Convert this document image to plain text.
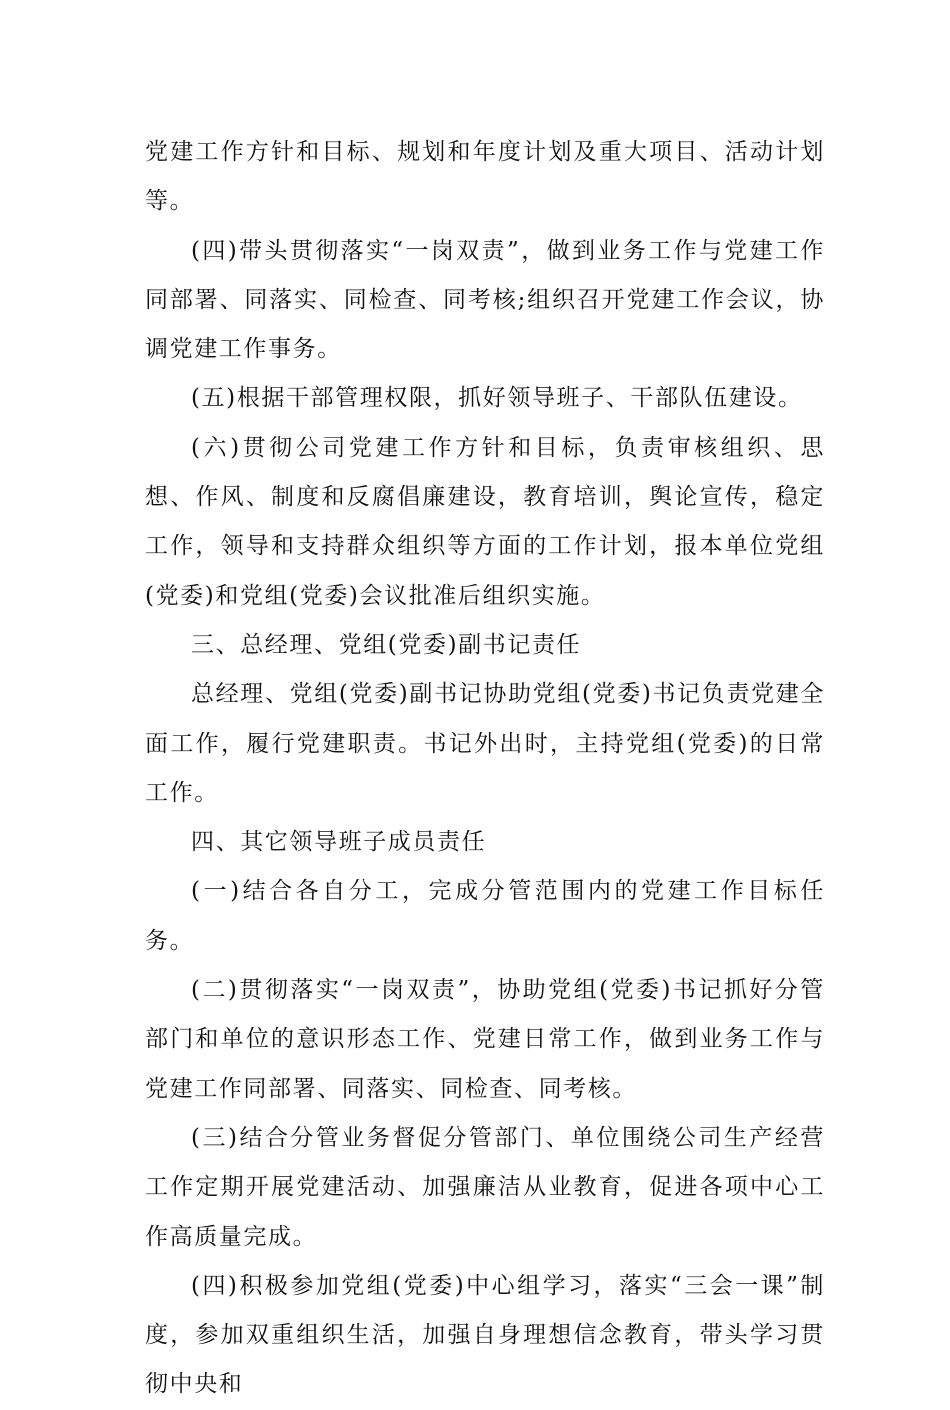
党建工作方针和目标、规划和年度计划及重大项目、活动计划等。

(四)带头贯彻落实“一岗双责”，做到业务工作与党建工作同部署、同落实、同检查、同考核;组织召开党建工作会议，协调党建工作事务。

(五)根据干部管理权限，抓好领导班子、干部队伍建设。

(六)贯彻公司党建工作方针和目标，负责审核组织、思想、作风、制度和反腐倡廉建设，教育培训，舆论宣传，稳定工作，领导和支持群众组织等方面的工作计划，报本单位党组(党委)和党组(党委)会议批准后组织实施。

三、总经理、党组(党委)副书记责任

总经理、党组(党委)副书记协助党组(党委)书记负责党建全面工作，履行党建职责。书记外出时，主持党组(党委)的日常工作。

四、其它领导班子成员责任

(一)结合各自分工，完成分管范围内的党建工作目标任务。

(二)贯彻落实“一岗双责”，协助党组(党委)书记抓好分管部门和单位的意识形态工作、党建日常工作，做到业务工作与党建工作同部署、同落实、同检查、同考核。

(三)结合分管业务督促分管部门、单位围绕公司生产经营工作定期开展党建活动、加强廉洁从业教育，促进各项中心工作高质量完成。

(四)积极参加党组(党委)中心组学习，落实“三会一课”制度，参加双重组织生活，加强自身理想信念教育，带头学习贯彻中央和
